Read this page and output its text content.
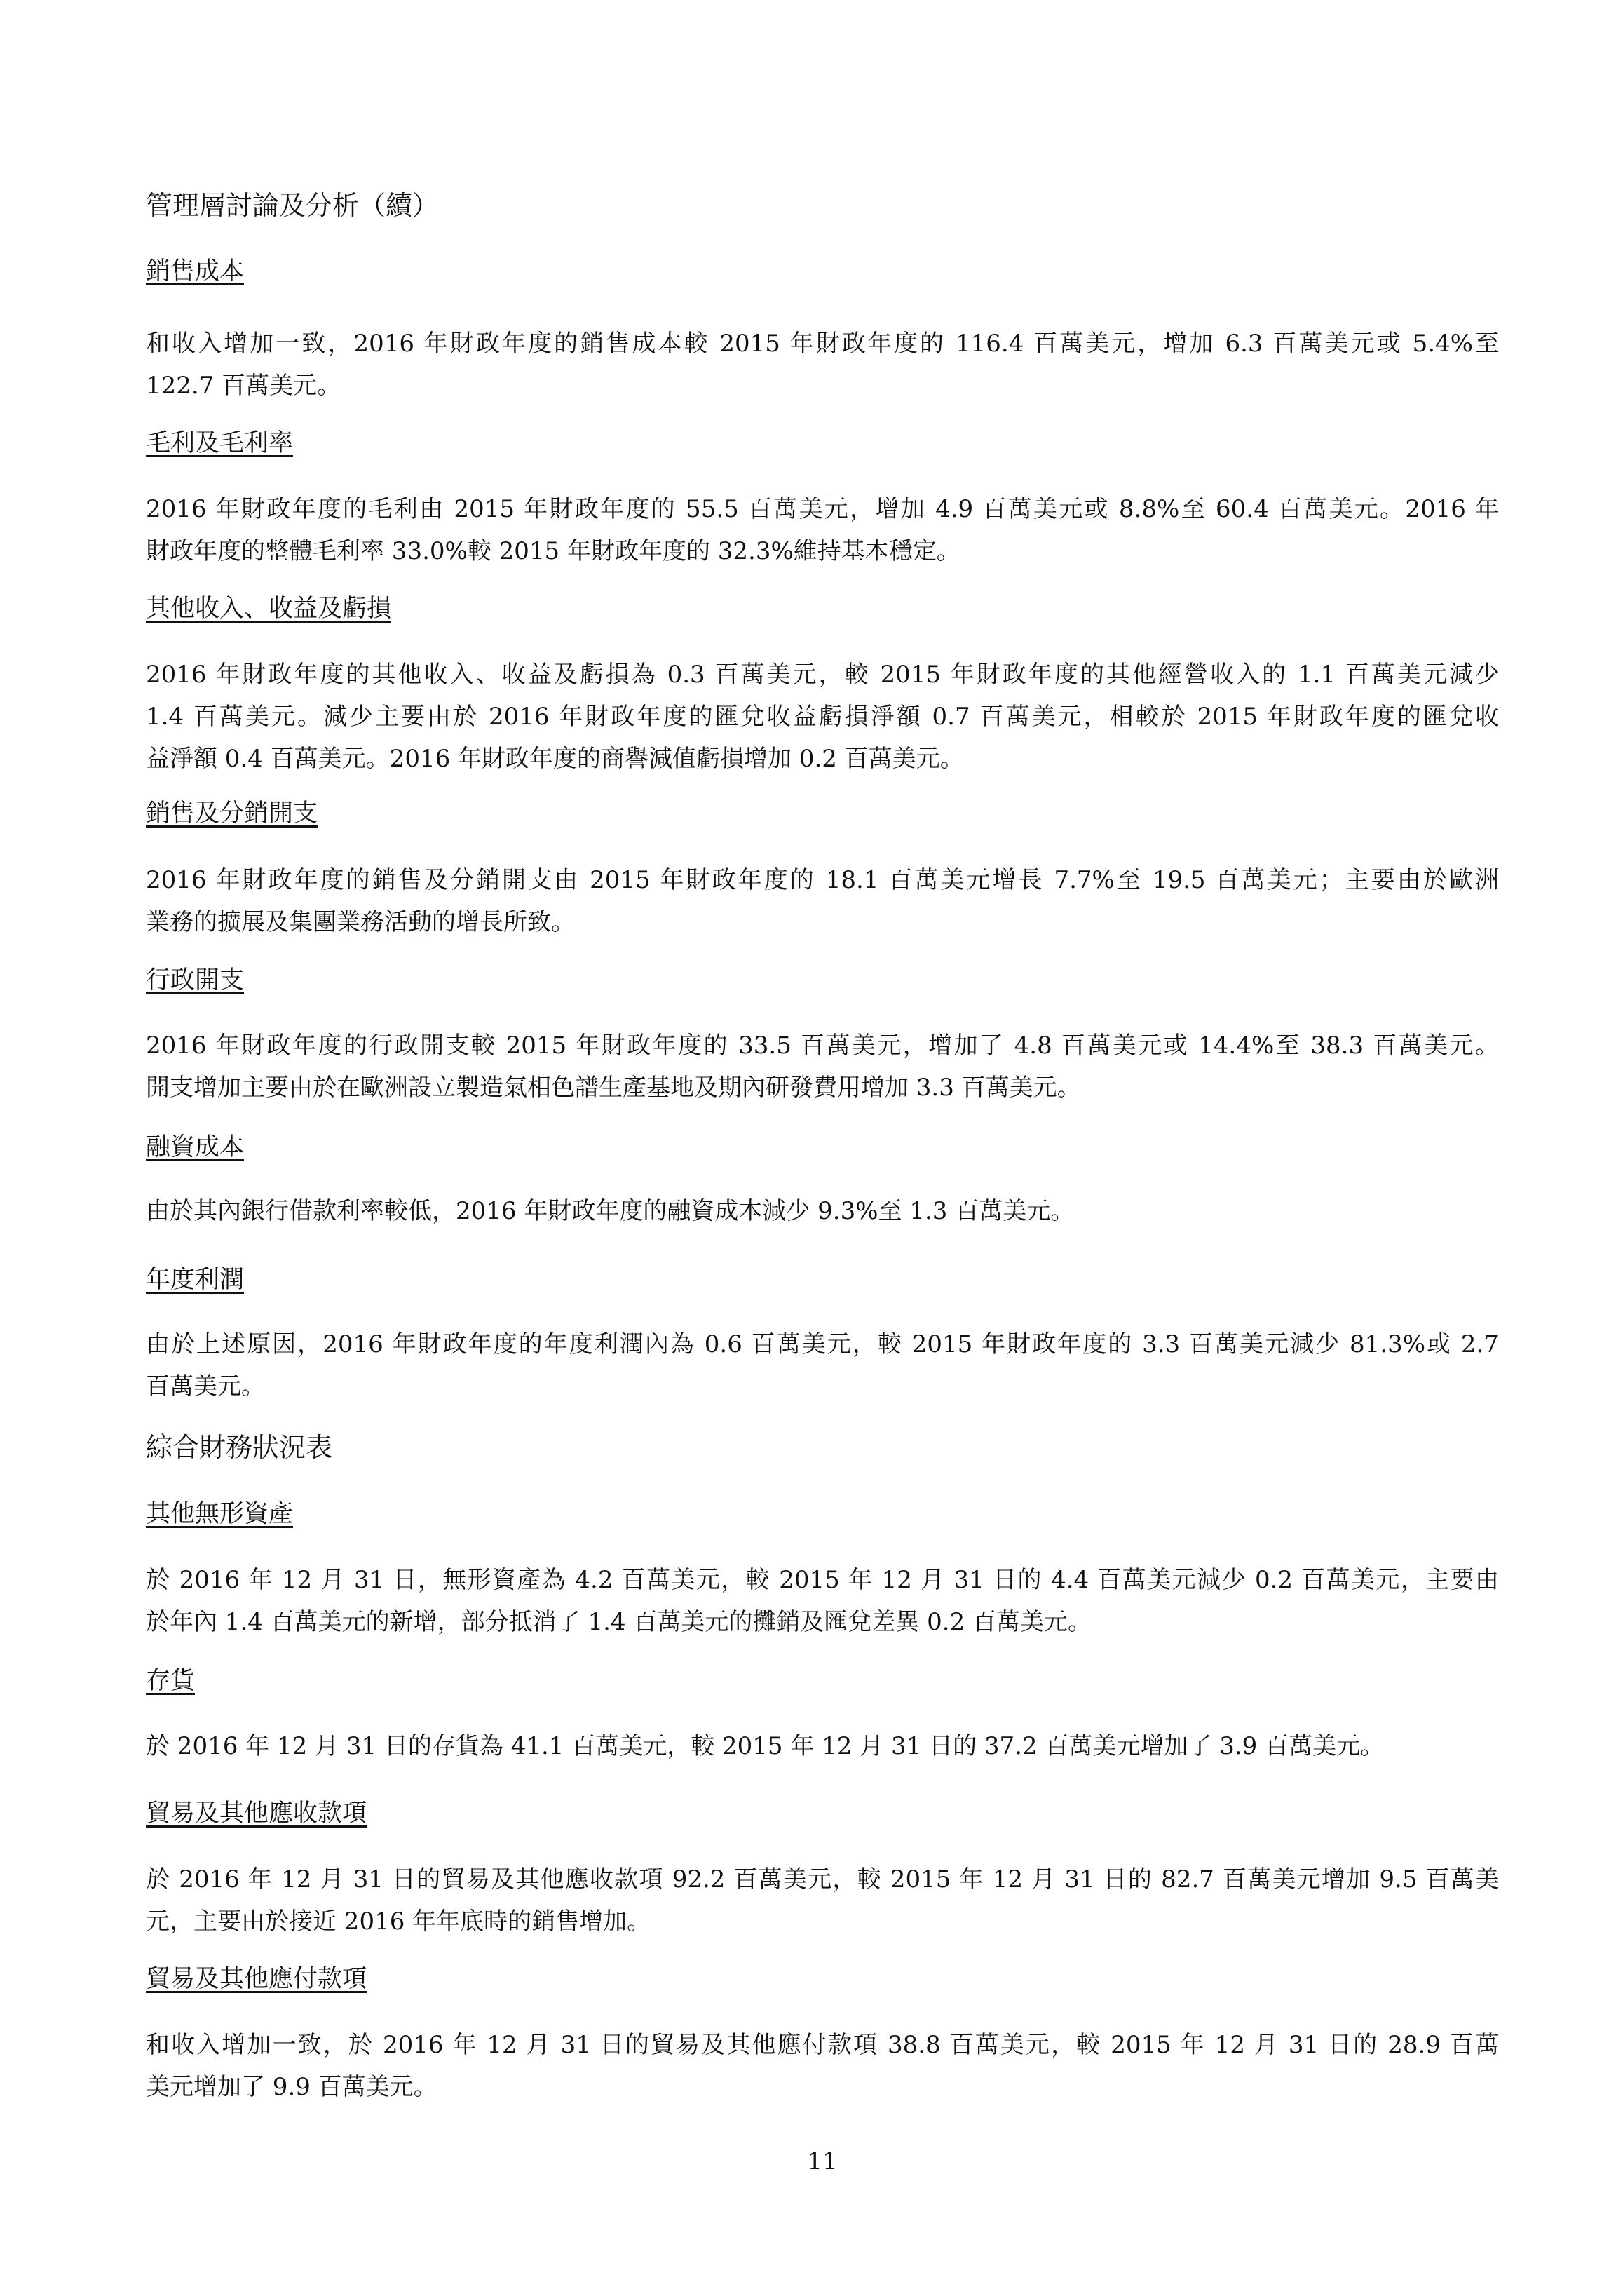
管理層討論及分析（續）
銷售成本

和收入增加一致，2016 年財政年度的銷售成本較 2015 年財政年度的 116.4 百萬美元，增加 6.3 百萬美元或 5.4%至
122.7 百萬美元。

毛利及毛利率

2016 年財政年度的毛利由 2015 年財政年度的 55.5 百萬美元，增加 4.9 百萬美元或 8.8%至 60.4 百萬美元。2016 年
財政年度的整體毛利率 33.0%較 2015 年財政年度的 32.3%維持基本穩定。

其他收入、收益及虧損

2016 年財政年度的其他收入、收益及虧損為 0.3 百萬美元，較 2015 年財政年度的其他經營收入的 1.1 百萬美元減少
1.4 百萬美元。減少主要由於 2016 年財政年度的匯兌收益虧損淨額 0.7 百萬美元，相較於 2015 年財政年度的匯兌收
益淨額 0.4 百萬美元。2016 年財政年度的商譽減值虧損增加 0.2 百萬美元。

銷售及分銷開支

2016 年財政年度的銷售及分銷開支由 2015 年財政年度的 18.1 百萬美元增長 7.7%至 19.5 百萬美元；主要由於歐洲
業務的擴展及集團業務活動的增長所致。

行政開支

2016 年財政年度的行政開支較 2015 年財政年度的 33.5 百萬美元，增加了 4.8 百萬美元或 14.4%至 38.3 百萬美元。
開支增加主要由於在歐洲設立製造氣相色譜生產基地及期內研發費用增加 3.3 百萬美元。

融資成本

由於其內銀行借款利率較低，2016 年財政年度的融資成本減少 9.3%至 1.3 百萬美元。

年度利潤

由於上述原因，2016 年財政年度的年度利潤內為 0.6 百萬美元，較 2015 年財政年度的 3.3 百萬美元減少 81.3%或 2.7
百萬美元。

綜合財務狀況表
其他無形資產

於 2016 年 12 月 31 日，無形資產為 4.2 百萬美元，較 2015 年 12 月 31 日的 4.4 百萬美元減少 0.2 百萬美元，主要由
於年內 1.4 百萬美元的新增，部分抵消了 1.4 百萬美元的攤銷及匯兌差異 0.2 百萬美元。

存貨

於 2016 年 12 月 31 日的存貨為 41.1 百萬美元，較 2015 年 12 月 31 日的 37.2 百萬美元增加了 3.9 百萬美元。

貿易及其他應收款項

於 2016 年 12 月 31 日的貿易及其他應收款項 92.2 百萬美元，較 2015 年 12 月 31 日的 82.7 百萬美元增加 9.5 百萬美
元，主要由於接近 2016 年年底時的銷售增加。

貿易及其他應付款項

和收入增加一致，於 2016 年 12 月 31 日的貿易及其他應付款項 38.8 百萬美元，較 2015 年 12 月 31 日的 28.9 百萬
美元增加了 9.9 百萬美元。

11
